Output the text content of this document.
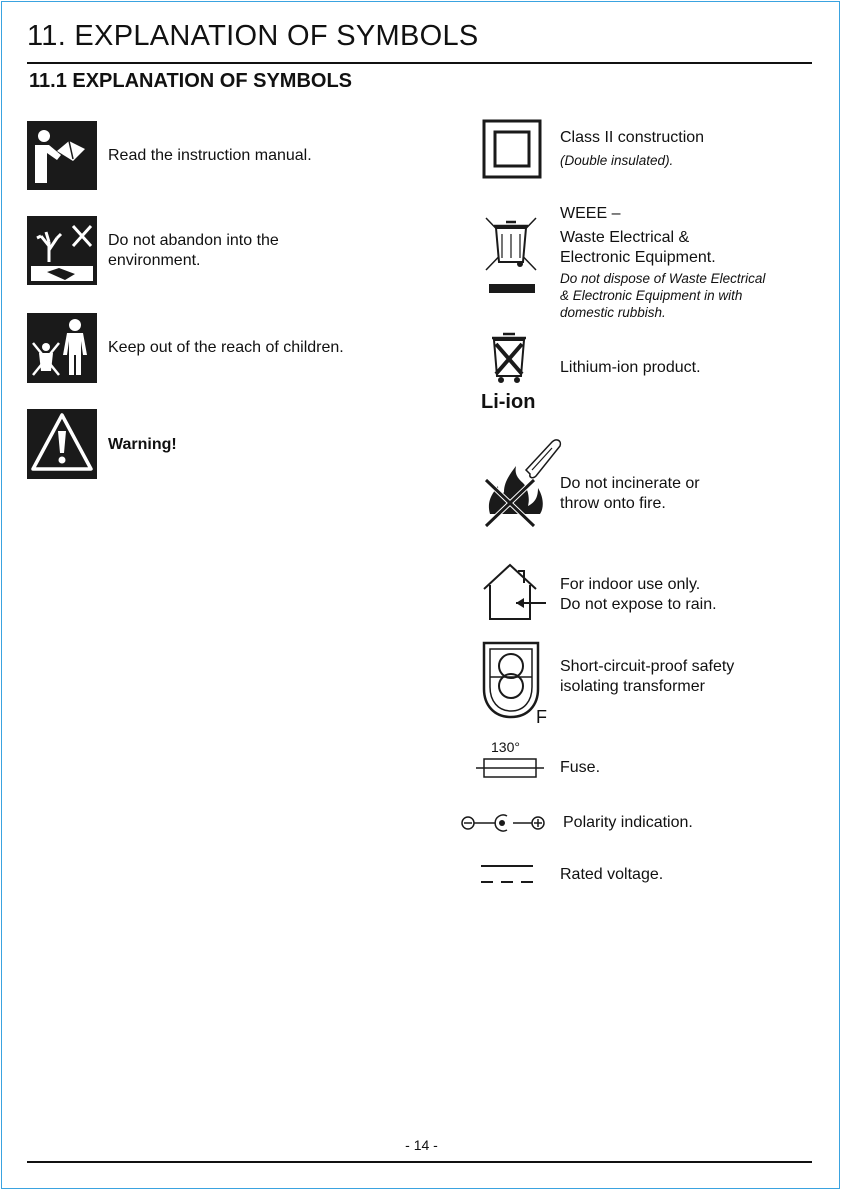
11. EXPLANATION OF SYMBOLS
11.1 EXPLANATION OF SYMBOLS
Read the instruction manual.
Do not abandon into the
environment.
Keep out of the reach of children.
Warning!
Class II construction
(Double insulated).
WEEE –
Waste Electrical &
Electronic Equipment.
Do not dispose of Waste Electrical
& Electronic Equipment in with
domestic rubbish.
Li-ion
Lithium-ion product.
Do not incinerate or
throw onto fire.
For indoor use only.
Do not expose to rain.
F
Short-circuit-proof safety
isolating transformer
130°
Fuse.
Polarity indication.
Rated voltage.
- 14 -
